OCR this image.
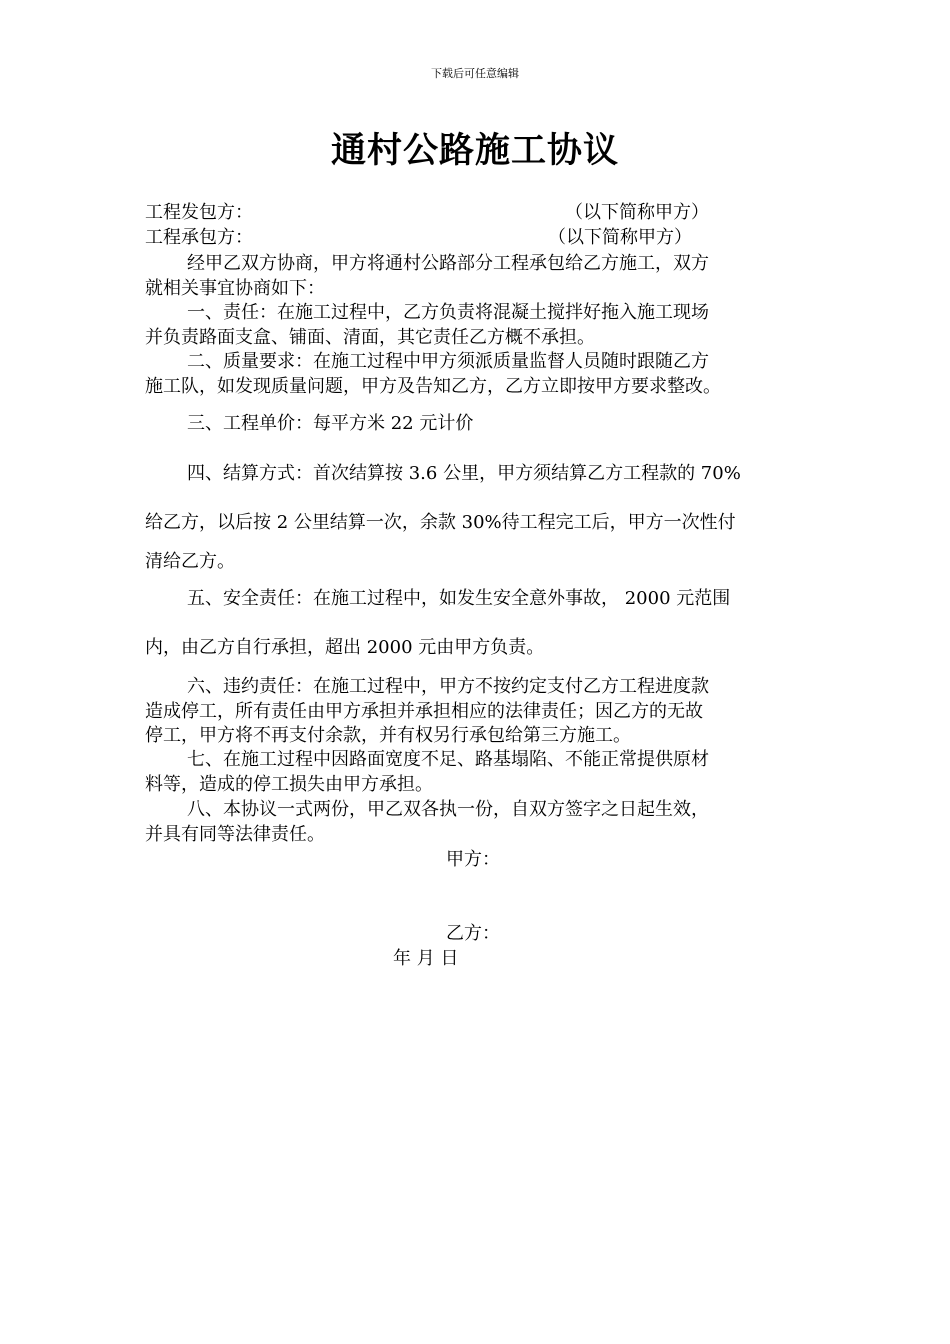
下载后可任意编辑
通村公路施工协议
工程发包方：	（以下简称甲方）
工程承包方：	（以下简称甲方）
经甲乙双方协商，甲方将通村公路部分工程承包给乙方施工，双方
就相关事宜协商如下：
一、责任：在施工过程中，乙方负责将混凝土搅拌好拖入施工现场
并负责路面支盒、铺面、清面，其它责任乙方概不承担。
二、质量要求：在施工过程中甲方须派质量监督人员随时跟随乙方
施工队，如发现质量问题，甲方及告知乙方，乙方立即按甲方要求整改。
三、工程单价：每平方米 22 元计价
四、结算方式：首次结算按 3.6 公里，甲方须结算乙方工程款的 70%
给乙方，以后按 2 公里结算一次，余款 30%待工程完工后，甲方一次性付
清给乙方。
五、安全责任：在施工过程中，如发生安全意外事故， 2000 元范围
内，由乙方自行承担，超出 2000 元由甲方负责。
六、违约责任：在施工过程中，甲方不按约定支付乙方工程进度款
造成停工，所有责任由甲方承担并承担相应的法律责任；因乙方的无故
停工，甲方将不再支付余款，并有权另行承包给第三方施工。
七、在施工过程中因路面宽度不足、路基塌陷、不能正常提供原材
料等，造成的停工损失由甲方承担。
八、本协议一式两份，甲乙双各执一份，自双方签字之日起生效，
并具有同等法律责任。
甲方：
乙方：
年 月 日
